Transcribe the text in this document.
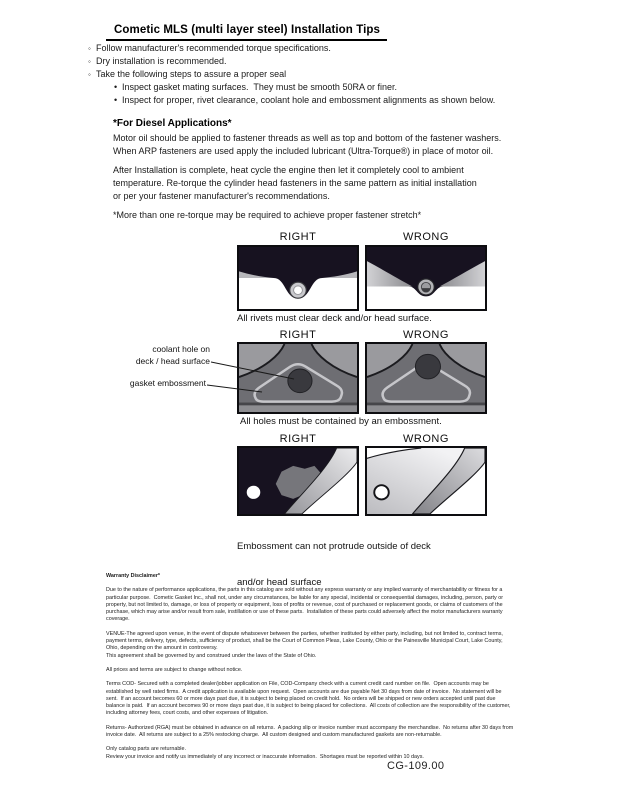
Cometic MLS (multi layer steel) Installation Tips
◦ Follow manufacturer's recommended torque specifications.
◦ Dry installation is recommended.
◦ Take the following steps to assure a proper seal
• Inspect gasket mating surfaces.  They must be smooth 50RA or finer.
• Inspect for proper, rivet clearance, coolant hole and embossment alignments as shown below.
*For Diesel Applications*
Motor oil should be applied to fastener threads as well as top and bottom of the fastener washers.
When ARP fasteners are used apply the included lubricant (Ultra-Torque®) in place of motor oil.
After Installation is complete, heat cycle the engine then let it completely cool to ambient
temperature. Re-torque the cylinder head fasteners in the same pattern as initial installation
or per your fastener manufacturer's recommendations.
*More than one re-torque may be required to achieve proper fastener stretch*
RIGHT	WRONG
All rivets must clear deck and/or head surface.
RIGHT	WRONG
coolant hole on
deck / head surface
gasket embossment
All holes must be contained by an embossment.
RIGHT	WRONG

Embossment can not protrude outside of deck

and/or head surface

Warranty Disclaimer*
Due to the nature of performance applications, the parts in this catalog are sold without any express warranty or any implied warranty of merchantability or fitness for a particular purpose.  Cometic Gasket Inc., shall not, under any circumstances, be liable for any special, incidental or consequential damages, including, person, party or property, but not limited to, damage, or loss of property or equipment, loss of profits or revenue, cost of purchased or replacement goods, or claims of customers of the purchase, which may arise and/or result from sale, instillation or use of these parts.  Installation of these parts could adversely affect the motor manufacturers warranty coverage.
VENUE-The agreed upon venue, in the event of dispute whatsoever between the parties, whether instituted by either party, including, but not limited to, contract terms, payment terms, delivery, type, defects, sufficiency of product, shall be the Court of Common Pleas, Lake County, Ohio or the Painesville Municipal Court, Lake County, Ohio, depending on the amount in controversy.
This agreement shall be governed by and construed under the laws of the State of Ohio.
All prices and terms are subject to change without notice.
Terms COD- Secured with a completed dealer/jobber application on File, COD-Company check with a current credit card number on file.  Open accounts may be established by well rated firms.  A credit application is available upon request.  Open accounts are due payable Net 30 days from date of invoice.  No statement will be sent.  If an account becomes 60 or more days past due, it is subject to being placed on credit hold.  No orders will be shipped or new orders accepted until past due balance is paid.  If an account becomes 90 or more days past due, it is subject to being placed for collections.  All costs of collection are the responsibility of the customer, including attorney fees, court costs, and other expenses of litigation.
Returns- Authorized (RGA) must be obtained in advance on all returns.  A packing slip or invoice number must accompany the merchandise.  No returns after 30 days from invoice date.  All returns are subject to a 25% restocking charge.  All custom designed and custom manufactured gaskets are non-returnable.
Only catalog parts are returnable.
Review your invoice and notify us immediately of any incorrect or inaccurate information.  Shortages must be reported within 10 days.
CG-109.00
